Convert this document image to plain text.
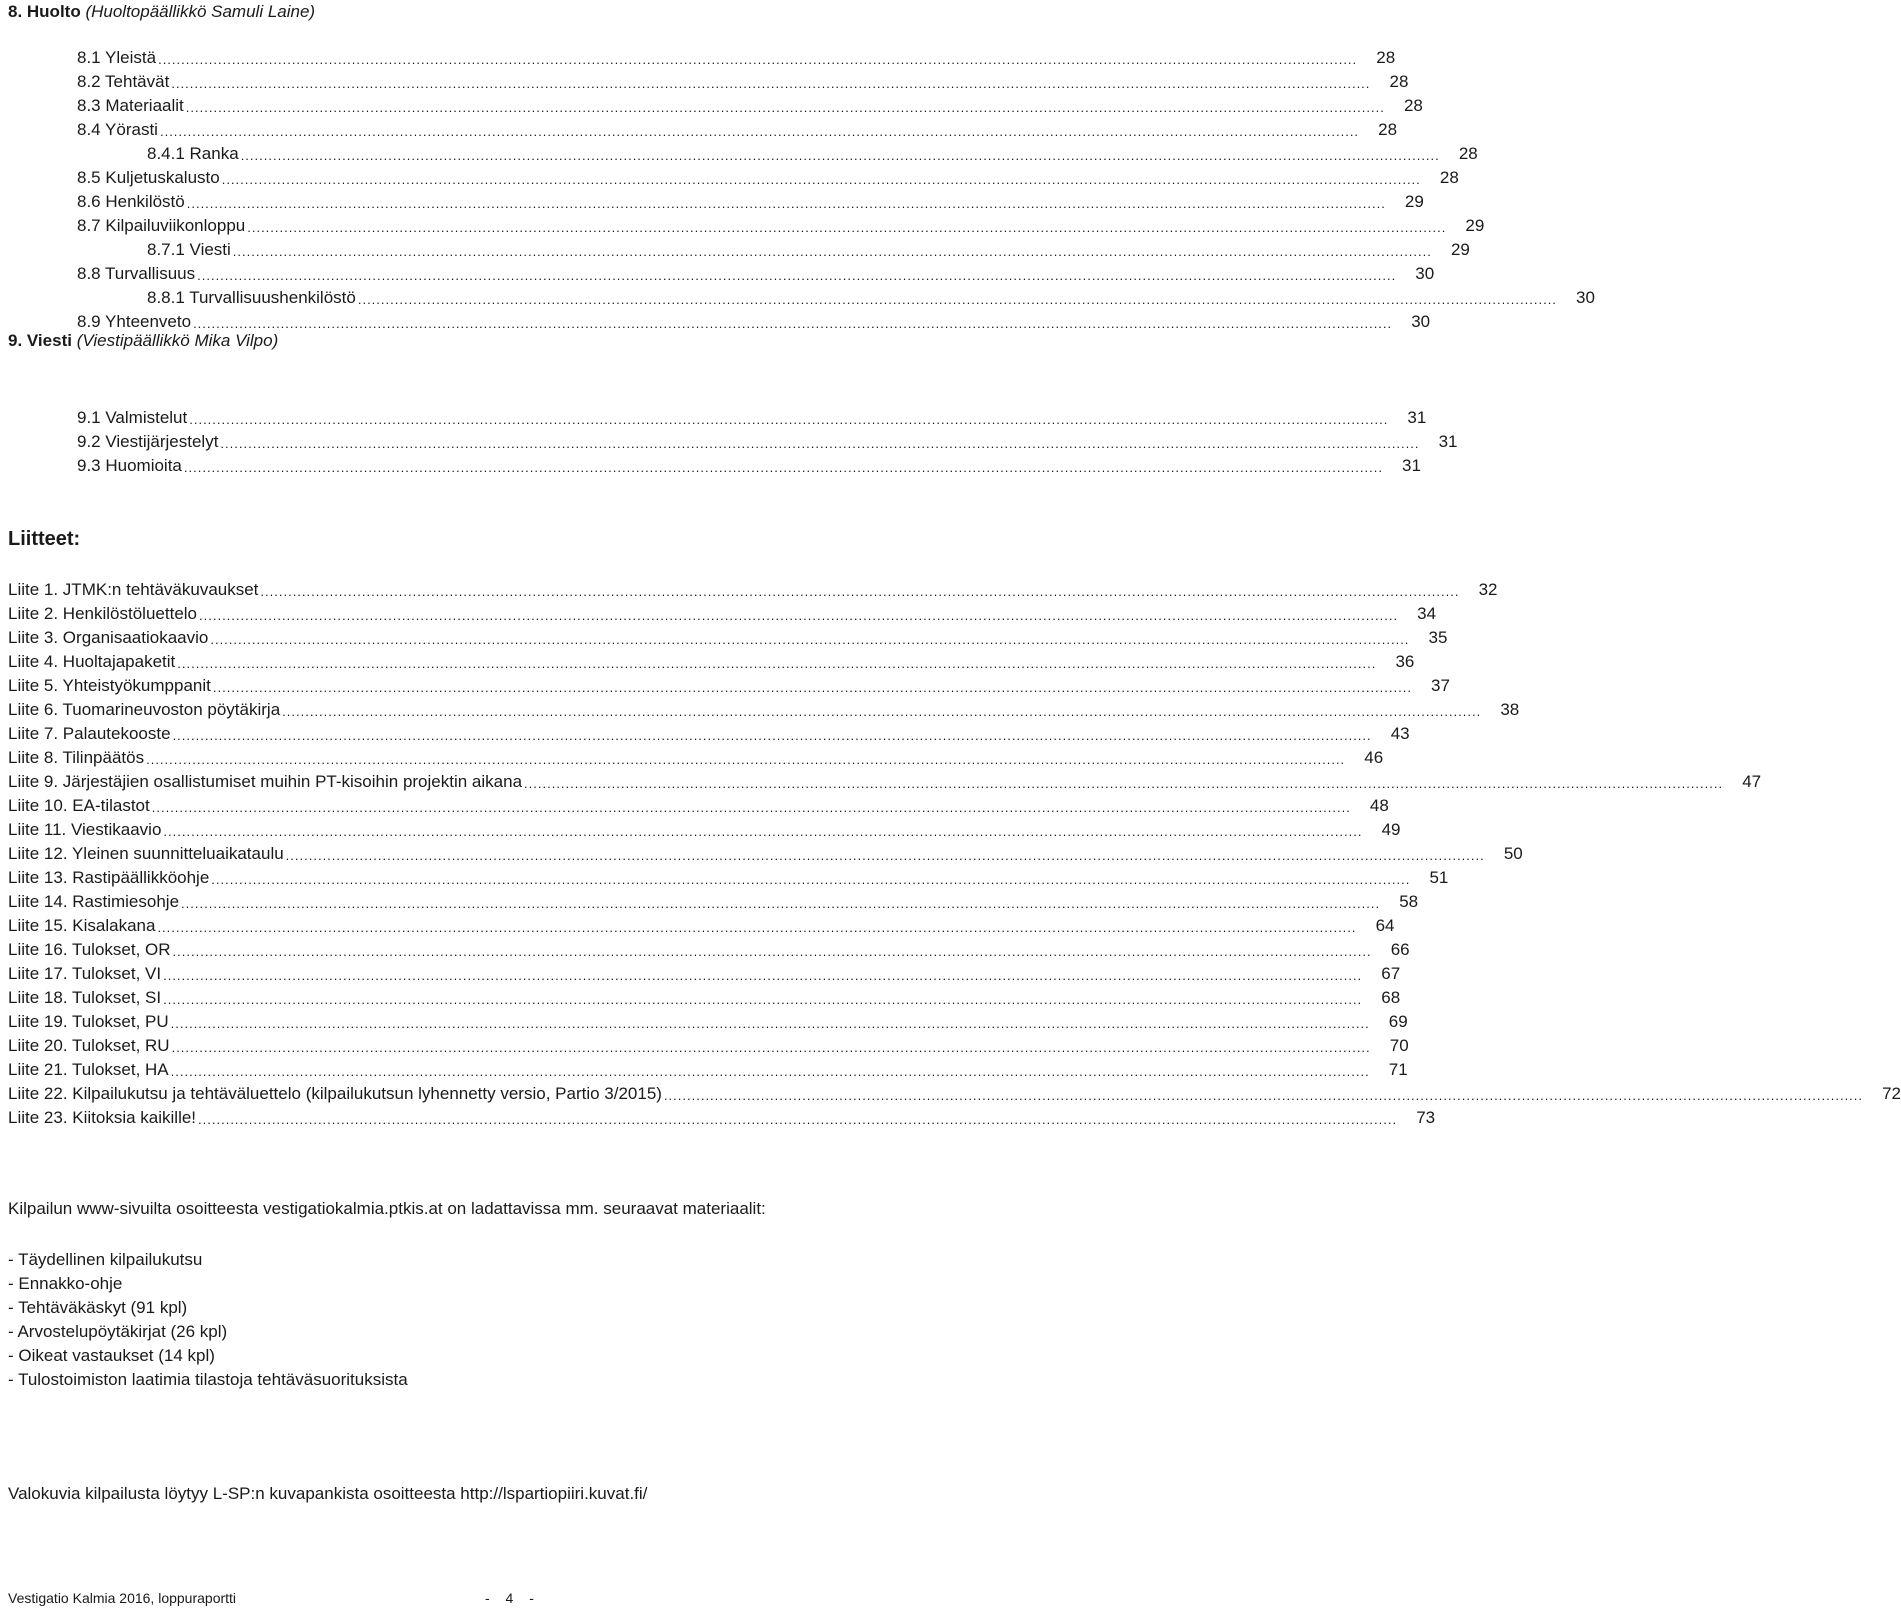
8. Huolto (Huoltopäällikkö Samuli Laine)
8.1 Yleistä ....................................................................................................................................................................................................................................................................	28
8.2 Tehtävät ....................................................................................................................................................................................................................................................................	28
8.3 Materiaalit ....................................................................................................................................................................................................................................................................	28
8.4 Yörasti ....................................................................................................................................................................................................................................................................	28
8.4.1 Ranka ....................................................................................................................................................................................................................................................................	28
8.5 Kuljetuskalusto ....................................................................................................................................................................................................................................................................	28
8.6 Henkilöstö ....................................................................................................................................................................................................................................................................	29
8.7 Kilpailuviikonloppu ....................................................................................................................................................................................................................................................................	29
8.7.1 Viesti ....................................................................................................................................................................................................................................................................	29
8.8 Turvallisuus ....................................................................................................................................................................................................................................................................	30
8.8.1 Turvallisuushenkilöstö ....................................................................................................................................................................................................................................................................	30
8.9 Yhteenveto ....................................................................................................................................................................................................................................................................	30
9. Viesti (Viestipäällikkö Mika Vilpo)
9.1 Valmistelut ....................................................................................................................................................................................................................................................................	31
9.2 Viestijärjestelyt ....................................................................................................................................................................................................................................................................	31
9.3 Huomioita ....................................................................................................................................................................................................................................................................	31
Liitteet:
Liite 1. JTMK:n tehtäväkuvaukset ....................................................................................................................................................................................................................................................................	32
Liite 2. Henkilöstöluettelo ....................................................................................................................................................................................................................................................................	34
Liite 3. Organisaatiokaavio ....................................................................................................................................................................................................................................................................	35
Liite 4. Huoltajapaketit ....................................................................................................................................................................................................................................................................	36
Liite 5. Yhteistyökumppanit ....................................................................................................................................................................................................................................................................	37
Liite 6. Tuomarineuvoston pöytäkirja ....................................................................................................................................................................................................................................................................	38
Liite 7. Palautekooste ....................................................................................................................................................................................................................................................................	43
Liite 8. Tilinpäätös ....................................................................................................................................................................................................................................................................	46
Liite 9. Järjestäjien osallistumiset muihin PT-kisoihin projektin aikana ....................................................................................................................................................................................................................................................................	47
Liite 10. EA-tilastot ....................................................................................................................................................................................................................................................................	48
Liite 11. Viestikaavio ....................................................................................................................................................................................................................................................................	49
Liite 12. Yleinen suunnitteluaikataulu ....................................................................................................................................................................................................................................................................	50
Liite 13. Rastipäällikköohje ....................................................................................................................................................................................................................................................................	51
Liite 14. Rastimiesohje ....................................................................................................................................................................................................................................................................	58
Liite 15. Kisalakana ....................................................................................................................................................................................................................................................................	64
Liite 16. Tulokset, OR ....................................................................................................................................................................................................................................................................	66
Liite 17. Tulokset, VI ....................................................................................................................................................................................................................................................................	67
Liite 18. Tulokset, SI ....................................................................................................................................................................................................................................................................	68
Liite 19. Tulokset, PU ....................................................................................................................................................................................................................................................................	69
Liite 20. Tulokset, RU ....................................................................................................................................................................................................................................................................	70
Liite 21. Tulokset, HA ....................................................................................................................................................................................................................................................................	71
Liite 22. Kilpailukutsu ja tehtäväluettelo (kilpailukutsun lyhennetty versio, Partio 3/2015) ....................................................................................................................................................................................................................................................................	72
Liite 23. Kiitoksia kaikille! ....................................................................................................................................................................................................................................................................	73

Kilpailun www-sivuilta osoitteesta vestigatiokalmia.ptkis.at on ladattavissa mm. seuraavat materiaalit:

- Täydellinen kilpailukutsu
- Ennakko-ohje
- Tehtäväkäskyt (91 kpl)
- Arvostelupöytäkirjat (26 kpl)
- Oikeat vastaukset (14 kpl)
- Tulostoimiston laatimia tilastoja tehtäväsuorituksista

Valokuvia kilpailusta löytyy L-SP:n kuvapankista osoitteesta http://lspartiopiiri.kuvat.fi/

Vestigatio Kalmia 2016, loppuraportti	- 4 -
